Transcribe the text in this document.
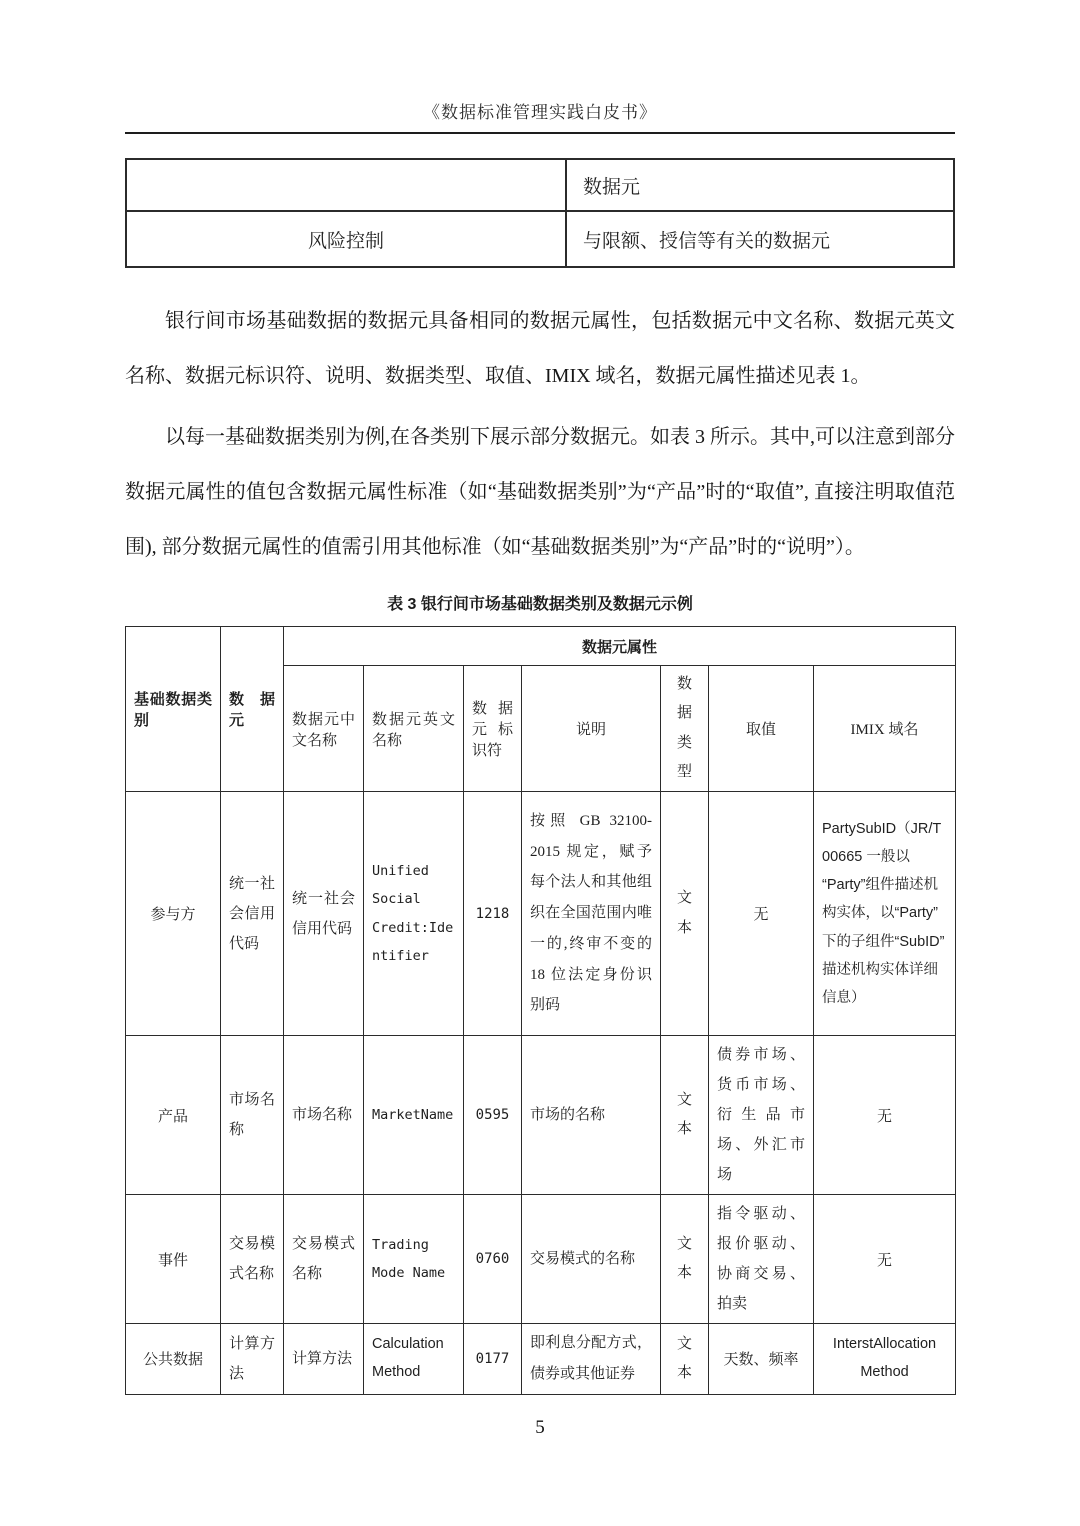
《数据标准管理实践白皮书》
	数据元
风险控制	与限额、授信等有关的数据元

银行间市场基础数据的数据元具备相同的数据元属性，包括数据元中文名称、数据元英文名称、数据元标识符、说明、数据类型、取值、IMIX 域名，数据元属性描述见表 1。

以每一基础数据类别为例,在各类别下展示部分数据元。如表 3 所示。其中,可以注意到部分数据元属性的值包含数据元属性标准（如“基础数据类别”为“产品”时的“取值”, 直接注明取值范围), 部分数据元属性的值需引用其他标准（如“基础数据类别”为“产品”时的“说明”）。

表 3 银行间市场基础数据类别及数据元示例
基础数据类别	数 据 元	数据元属性						
		数据元中文名称	数据元英文名称	数据元标识符	说明	数据类型	取值	IMIX 域名
参与方	统一社会信用代码	统一社会信用代码	Unified Social Credit:Identifier	1218	按照 GB 32100-2015 规定，赋予每个法人和其他组织在全国范围内唯一的,终审不变的 18 位法定身份识别码	文本	无	PartySubID（JR/T 00665 一般以“Party”组件描述机构实体，以“Party”下的子组件“SubID”描述机构实体详细信息）
产品	市场名称	市场名称	MarketName	0595	市场的名称	文本	债券市场、货币市场、衍生品市场、外汇市场	无
事件	交易模式名称	交易模式名称	Trading Mode Name	0760	交易模式的名称	文本	指令驱动、报价驱动、协商交易、拍卖	无
公共数据	计算方法	计算方法	Calculation Method	0177	即利息分配方式，债券或其他证券	文本	天数、频率	InterstAllocation Method
5
